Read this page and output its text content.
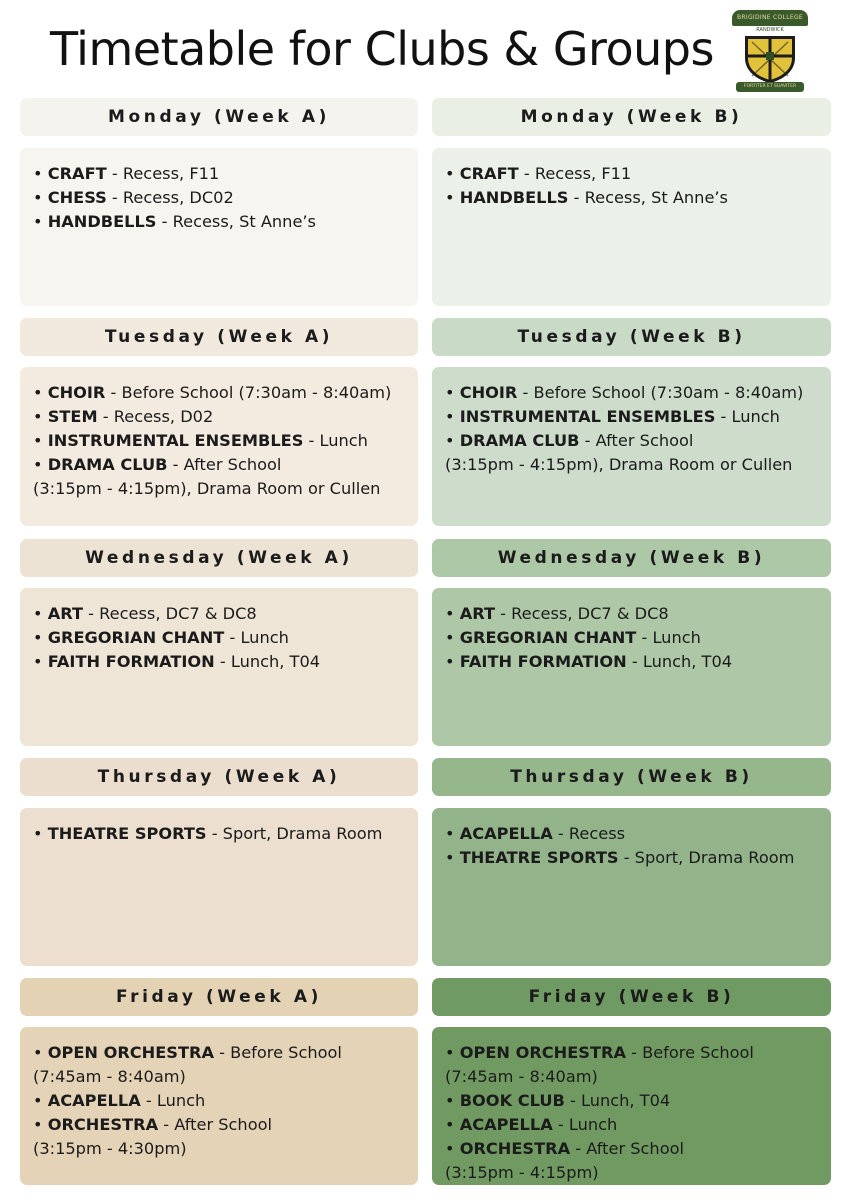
Timetable for Clubs & Groups
BRIGIDINE COLLEGE
RANDWICK
FORTITER ET SUAVITER
Monday (Week A)
• CRAFT - Recess, F11
• CHESS - Recess, DC02
• HANDBELLS - Recess, St Anne’s
Monday (Week B)
• CRAFT - Recess, F11
• HANDBELLS - Recess, St Anne’s
Tuesday (Week A)
• CHOIR - Before School (7:30am - 8:40am)
• STEM - Recess, D02
• INSTRUMENTAL ENSEMBLES - Lunch
• DRAMA CLUB - After School
(3:15pm - 4:15pm), Drama Room or Cullen
Tuesday (Week B)
• CHOIR - Before School (7:30am - 8:40am)
• INSTRUMENTAL ENSEMBLES - Lunch
• DRAMA CLUB - After School
(3:15pm - 4:15pm), Drama Room or Cullen
Wednesday (Week A)
• ART - Recess, DC7 & DC8
• GREGORIAN CHANT - Lunch
• FAITH FORMATION - Lunch, T04
Wednesday (Week B)
• ART - Recess, DC7 & DC8
• GREGORIAN CHANT - Lunch
• FAITH FORMATION - Lunch, T04
Thursday (Week A)
• THEATRE SPORTS - Sport, Drama Room
Thursday (Week B)
• ACAPELLA - Recess
• THEATRE SPORTS - Sport, Drama Room
Friday (Week A)
• OPEN ORCHESTRA - Before School
(7:45am - 8:40am)
• ACAPELLA - Lunch
• ORCHESTRA - After School
(3:15pm - 4:30pm)
Friday (Week B)
• OPEN ORCHESTRA - Before School
(7:45am - 8:40am)
• BOOK CLUB - Lunch, T04
• ACAPELLA - Lunch
• ORCHESTRA - After School
(3:15pm - 4:15pm)
